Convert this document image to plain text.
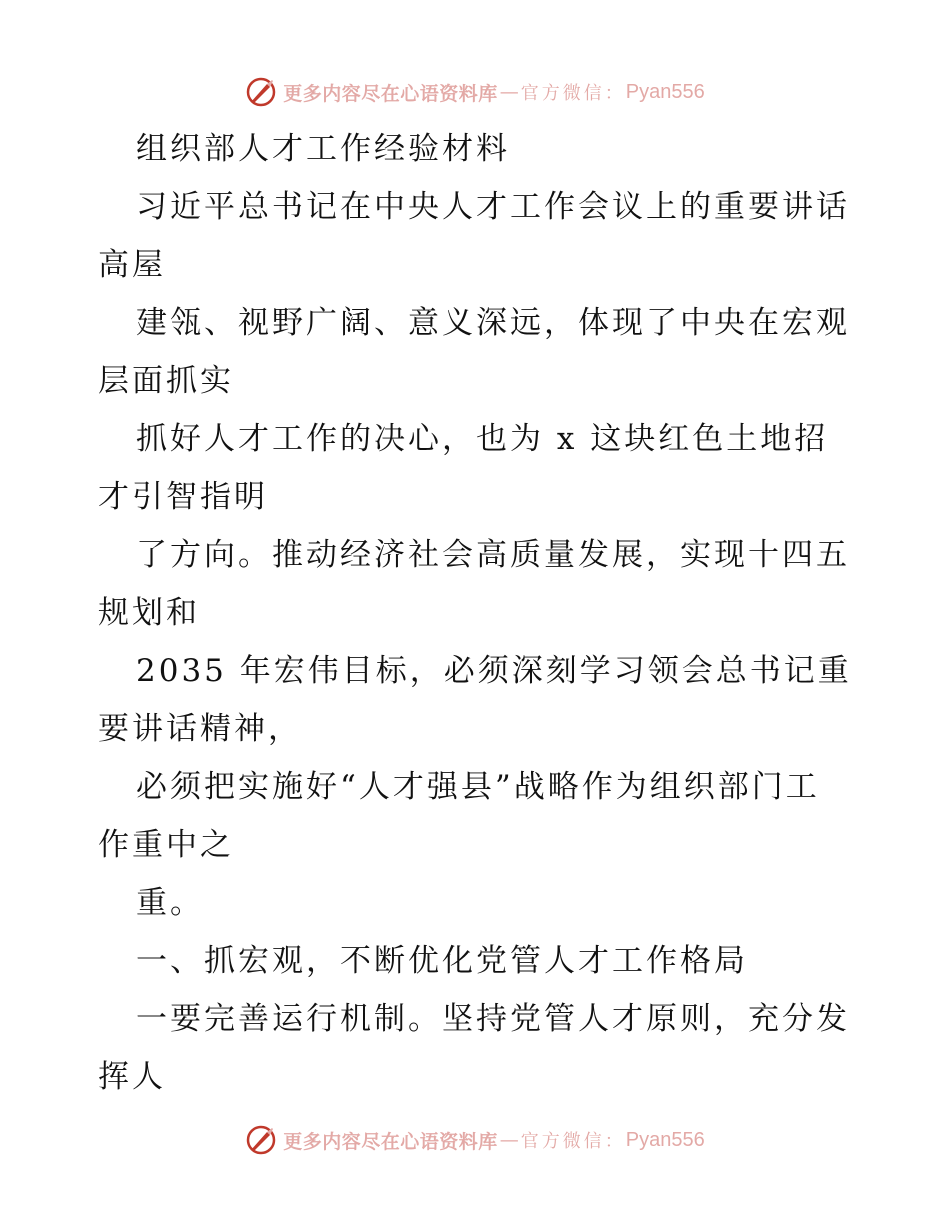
更多内容尽在心语资料库 — 官方微信： Pyan556
组织部人才工作经验材料
习近平总书记在中央人才工作会议上的重要讲话
高屋
建瓴、视野广阔、意义深远，体现了中央在宏观
层面抓实
抓好人才工作的决心，也为 x 这块红色土地招
才引智指明
了方向。推动经济社会高质量发展，实现十四五
规划和
2035 年宏伟目标，必须深刻学习领会总书记重
要讲话精神，
必须把实施好“人才强县”战略作为组织部门工
作重中之
重。
一、抓宏观，不断优化党管人才工作格局
一要完善运行机制。坚持党管人才原则，充分发
挥人
更多内容尽在心语资料库 — 官方微信： Pyan556
